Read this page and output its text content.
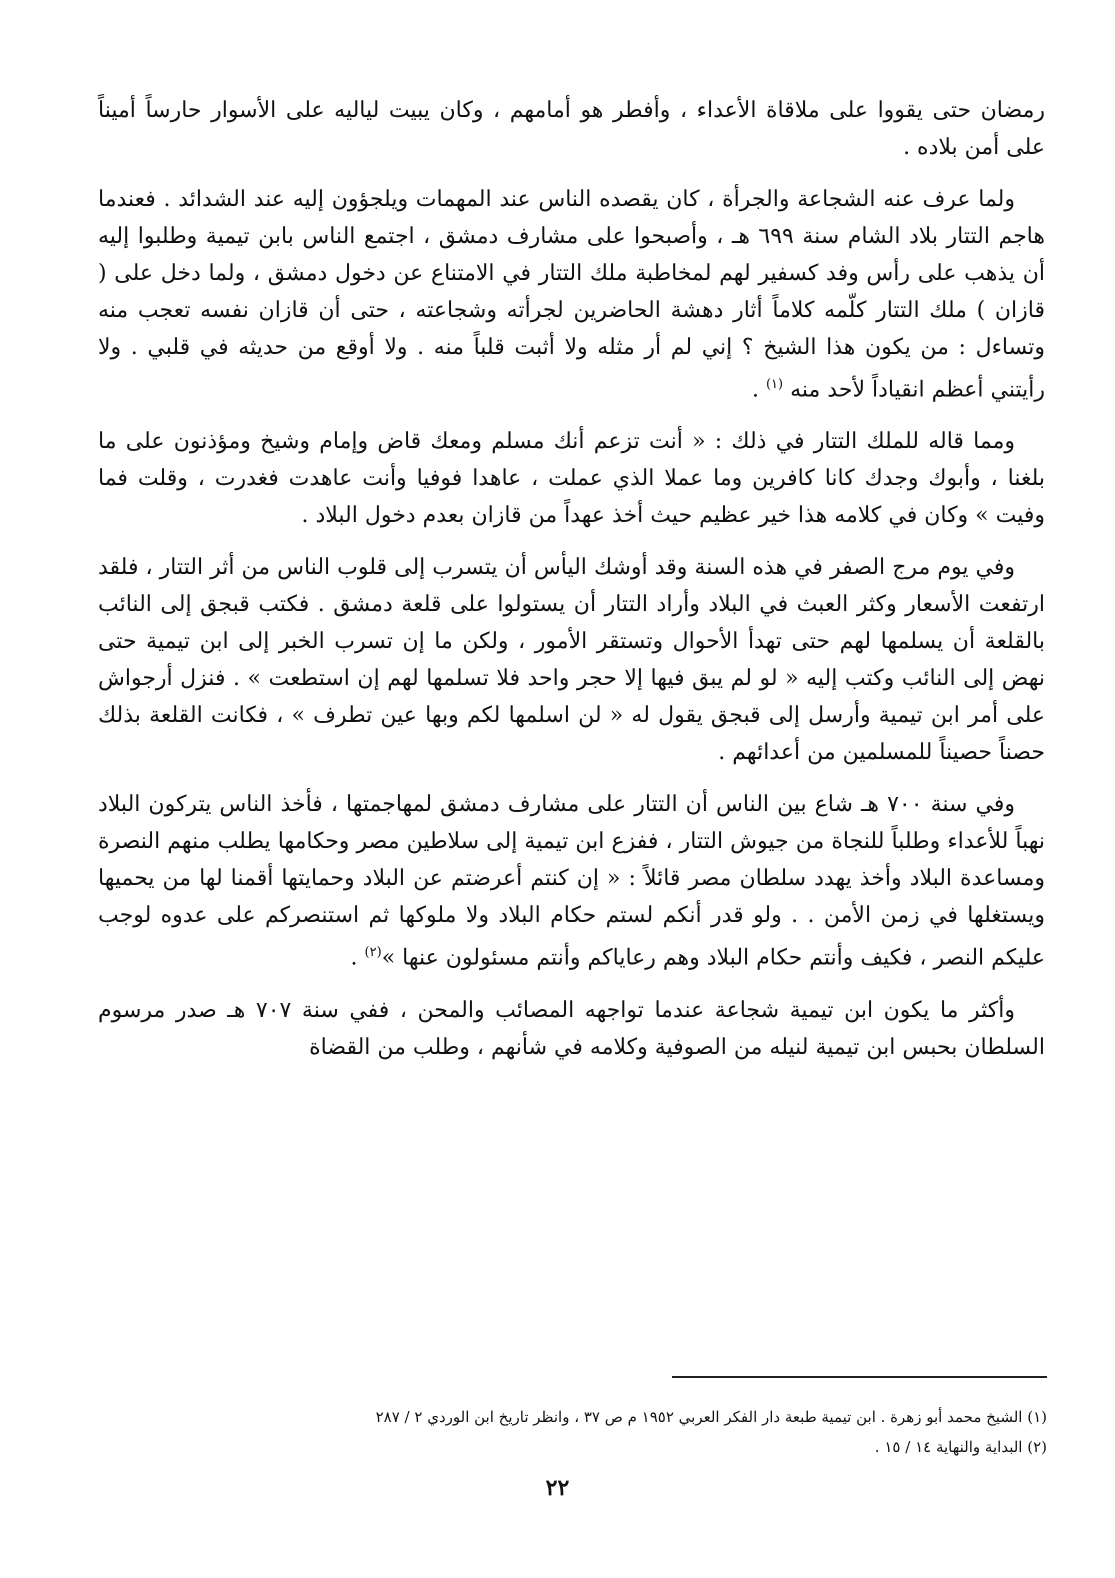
رمضان حتى يقووا على ملاقاة الأعداء ، وأفطر هو أمامهم ، وكان يبيت لياليه على الأسوار حارساً أميناً على أمن بلاده .

ولما عرف عنه الشجاعة والجرأة ، كان يقصده الناس عند المهمات ويلجؤون إليه عند الشدائد . فعندما هاجم التتار بلاد الشام سنة ٦٩٩ هـ ، وأصبحوا على مشارف دمشق ، اجتمع الناس بابن تيمية وطلبوا إليه أن يذهب على رأس وفد كسفير لهم لمخاطبة ملك التتار في الامتناع عن دخول دمشق ، ولما دخل على ( قازان ) ملك التتار كلّمه كلاماً أثار دهشة الحاضرين لجرأته وشجاعته ، حتى أن قازان نفسه تعجب منه وتساءل : من يكون هذا الشيخ ؟ إني لم أر مثله ولا أثبت قلباً منه . ولا أوقع من حديثه في قلبي . ولا رأيتني أعظم انقياداً لأحد منه $^{(١)}$ .

ومما قاله للملك التتار في ذلك : « أنت تزعم أنك مسلم ومعك قاض وإمام وشيخ ومؤذنون على ما بلغنا ، وأبوك وجدك كانا كافرين وما عملا الذي عملت ، عاهدا فوفيا وأنت عاهدت فغدرت ، وقلت فما وفيت » وكان في كلامه هذا خير عظيم حيث أخذ عهداً من قازان بعدم دخول البلاد .

وفي يوم مرج الصفر في هذه السنة وقد أوشك اليأس أن يتسرب إلى قلوب الناس من أثر التتار ، فلقد ارتفعت الأسعار وكثر العبث في البلاد وأراد التتار أن يستولوا على قلعة دمشق . فكتب قبجق إلى النائب بالقلعة أن يسلمها لهم حتى تهدأ الأحوال وتستقر الأمور ، ولكن ما إن تسرب الخبر إلى ابن تيمية حتى نهض إلى النائب وكتب إليه « لو لم يبق فيها إلا حجر واحد فلا تسلمها لهم إن استطعت » . فنزل أرجواش على أمر ابن تيمية وأرسل إلى قبجق يقول له « لن اسلمها لكم وبها عين تطرف » ، فكانت القلعة بذلك حصناً حصيناً للمسلمين من أعدائهم .

وفي سنة ٧٠٠ هـ شاع بين الناس أن التتار على مشارف دمشق لمهاجمتها ، فأخذ الناس يتركون البلاد نهباً للأعداء وطلباً للنجاة من جيوش التتار ، ففزع ابن تيمية إلى سلاطين مصر وحكامها يطلب منهم النصرة ومساعدة البلاد وأخذ يهدد سلطان مصر قائلاً : « إن كنتم أعرضتم عن البلاد وحمايتها أقمنا لها من يحميها ويستغلها في زمن الأمن . . ولو قدر أنكم لستم حكام البلاد ولا ملوكها ثم استنصركم على عدوه لوجب عليكم النصر ، فكيف وأنتم حكام البلاد وهم رعاياكم وأنتم مسئولون عنها »$^{(٢)}$ .

وأكثر ما يكون ابن تيمية شجاعة عندما تواجهه المصائب والمحن ، ففي سنة ٧٠٧ هـ صدر مرسوم السلطان بحبس ابن تيمية لنيله من الصوفية وكلامه في شأنهم ، وطلب من القضاة

(١) الشيخ محمد أبو زهرة . ابن تيمية طبعة دار الفكر العربي ١٩٥٢ م ص ٣٧ ، وانظر تاريخ ابن الوردي ٢ / ٢٨٧

(٢) البداية والنهاية ١٤ / ١٥ .

٢٢
